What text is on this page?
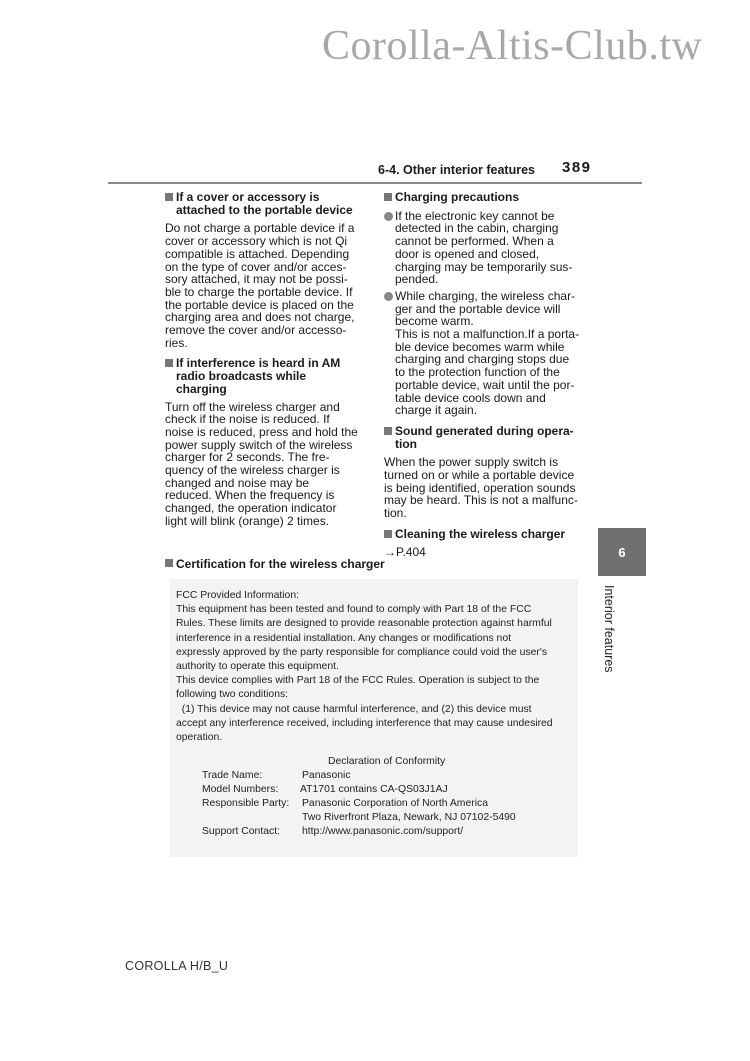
Corolla-Altis-Club.tw
6-4. Other interior features 389
If a cover or accessory is
attached to the portable device
Do not charge a portable device if a
cover or accessory which is not Qi
compatible is attached. Depending
on the type of cover and/or acces-
sory attached, it may not be possi-
ble to charge the portable device. If
the portable device is placed on the
charging area and does not charge,
remove the cover and/or accesso-
ries.
If interference is heard in AM
radio broadcasts while
charging
Turn off the wireless charger and
check if the noise is reduced. If
noise is reduced, press and hold the
power supply switch of the wireless
charger for 2 seconds. The fre-
quency of the wireless charger is
changed and noise may be
reduced. When the frequency is
changed, the operation indicator
light will blink (orange) 2 times.
Charging precautions
If the electronic key cannot be
detected in the cabin, charging
cannot be performed. When a
door is opened and closed,
charging may be temporarily sus-
pended.
While charging, the wireless char-
ger and the portable device will
become warm.
This is not a malfunction.If a porta-
ble device becomes warm while
charging and charging stops due
to the protection function of the
portable device, wait until the por-
table device cools down and
charge it again.
Sound generated during opera-
tion
When the power supply switch is
turned on or while a portable device
is being identified, operation sounds
may be heard. This is not a malfunc-
tion.
Cleaning the wireless charger
→P.404
Certification for the wireless charger
FCC Provided Information:
This equipment has been tested and found to comply with Part 18 of the FCC
Rules. These limits are designed to provide reasonable protection against harmful
interference in a residential installation. Any changes or modifications not
expressly approved by the party responsible for compliance could void the user's
authority to operate this equipment.
This device complies with Part 18 of the FCC Rules. Operation is subject to the
following two conditions:
(1) This device may not cause harmful interference, and (2) this device must
accept any interference received, including interference that may cause undesired
operation.
Declaration of Conformity
Trade Name:	Panasonic
Model Numbers: AT1701 contains CA-QS03J1AJ
Responsible Party: Panasonic Corporation of North America
Two Riverfront Plaza, Newark, NJ 07102-5490
Support Contact: http://www.panasonic.com/support/
6
Interior features
COROLLA H/B_U
